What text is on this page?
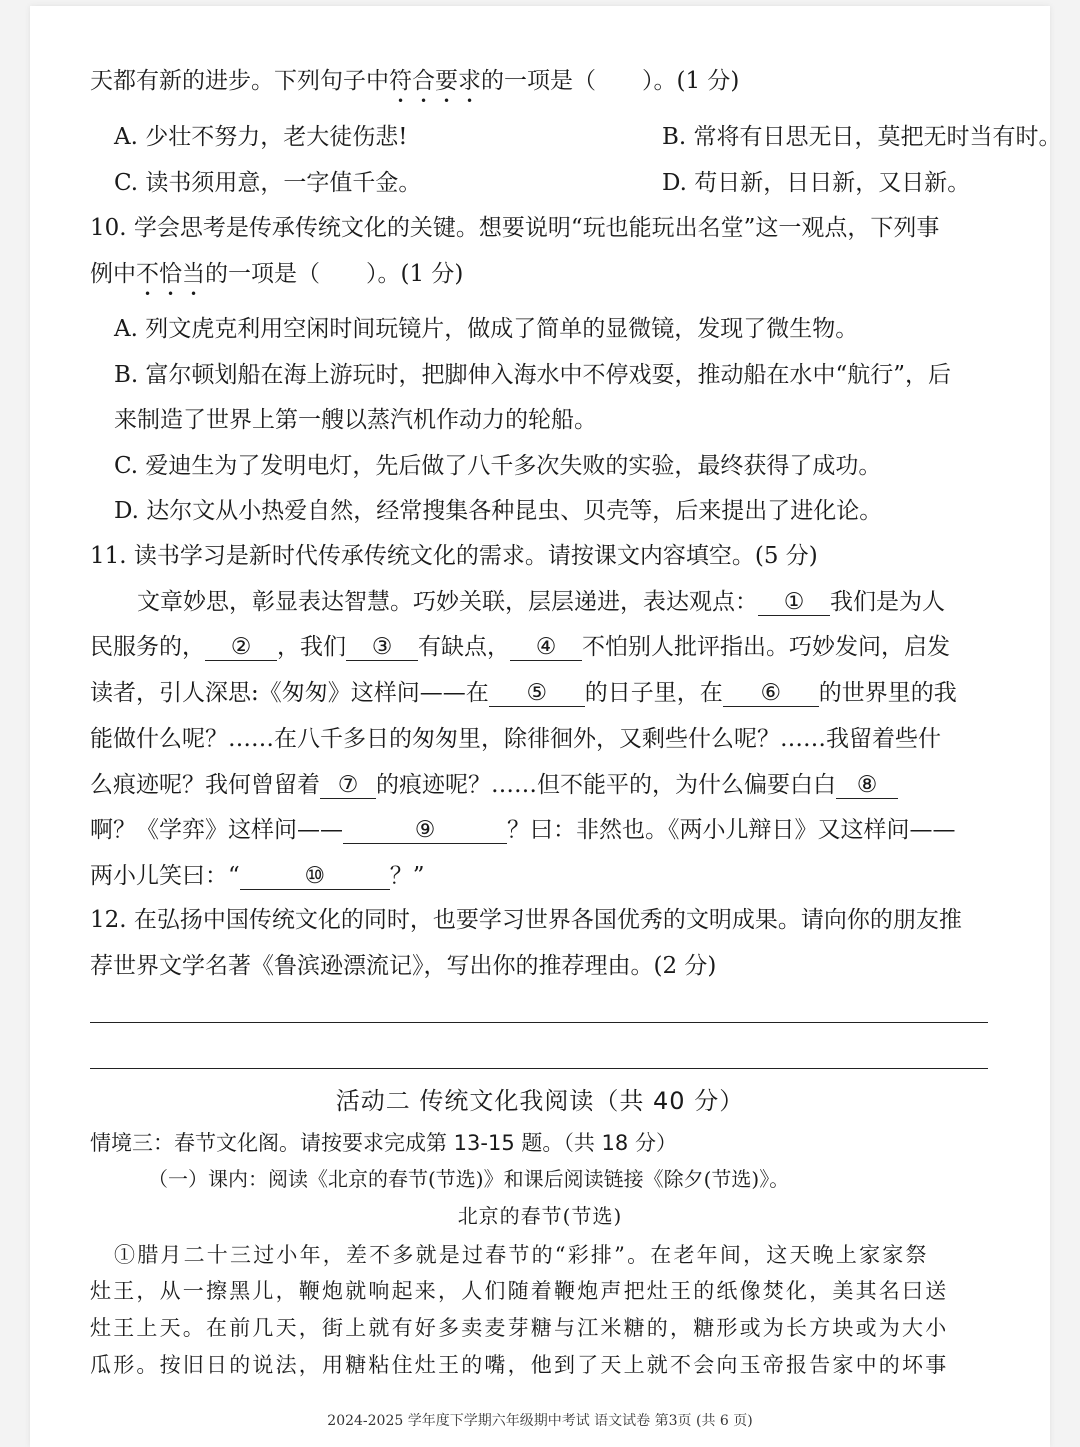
天都有新的进步。下列句子中符合要求的一项是（　　）。(1 分)
A. 少壮不努力，老大徒伤悲!	B. 常将有日思无日，莫把无时当有时。
C. 读书须用意，一字值千金。	D. 苟日新，日日新，又日新。
10. 学会思考是传承传统文化的关键。想要说明“玩也能玩出名堂”这一观点，下列事
例中不恰当的一项是（　　）。(1 分)
A. 列文虎克利用空闲时间玩镜片，做成了简单的显微镜，发现了微生物。
B. 富尔顿划船在海上游玩时，把脚伸入海水中不停戏耍，推动船在水中“航行”，后
来制造了世界上第一艘以蒸汽机作动力的轮船。
C. 爱迪生为了发明电灯，先后做了八千多次失败的实验，最终获得了成功。
D. 达尔文从小热爱自然，经常搜集各种昆虫、贝壳等，后来提出了进化论。
11. 读书学习是新时代传承传统文化的需求。请按课文内容填空。(5 分)
文章妙思，彰显表达智慧。巧妙关联，层层递进，表达观点： ① 我们是为人
民服务的， ② ，我们 ③ 有缺点， ④ 不怕别人批评指出。巧妙发问，启发
读者，引人深思:《匆匆》这样问——在 ⑤ 的日子里，在 ⑥ 的世界里的我
能做什么呢？……在八千多日的匆匆里，除徘徊外，又剩些什么呢？……我留着些什
么痕迹呢？我何曾留着 ⑦ 的痕迹呢？……但不能平的，为什么偏要白白 ⑧
啊？《学弈》这样问——	⑨	？曰：非然也。《两小儿辩日》又这样问——
两小儿笑曰：“	⑩	？”
12. 在弘扬中国传统文化的同时，也要学习世界各国优秀的文明成果。请向你的朋友推
荐世界文学名著《鲁滨逊漂流记》，写出你的推荐理由。(2 分)
活动二 传统文化我阅读（共 40 分）
情境三：春节文化阁。请按要求完成第 13-15 题。（共 18 分）
（一）课内：阅读《北京的春节(节选)》和课后阅读链接《除夕(节选)》。
北京的春节(节选)
①腊月二十三过小年，差不多就是过春节的“彩排”。在老年间，这天晚上家家祭
灶王，从一擦黑儿，鞭炮就响起来，人们随着鞭炮声把灶王的纸像焚化，美其名曰送
灶王上天。在前几天，街上就有好多卖麦芽糖与江米糖的，糖形或为长方块或为大小
瓜形。按旧日的说法，用糖粘住灶王的嘴，他到了天上就不会向玉帝报告家中的坏事
2024-2025 学年度下学期六年级期中考试 语文试卷 第3页 (共 6 页)
